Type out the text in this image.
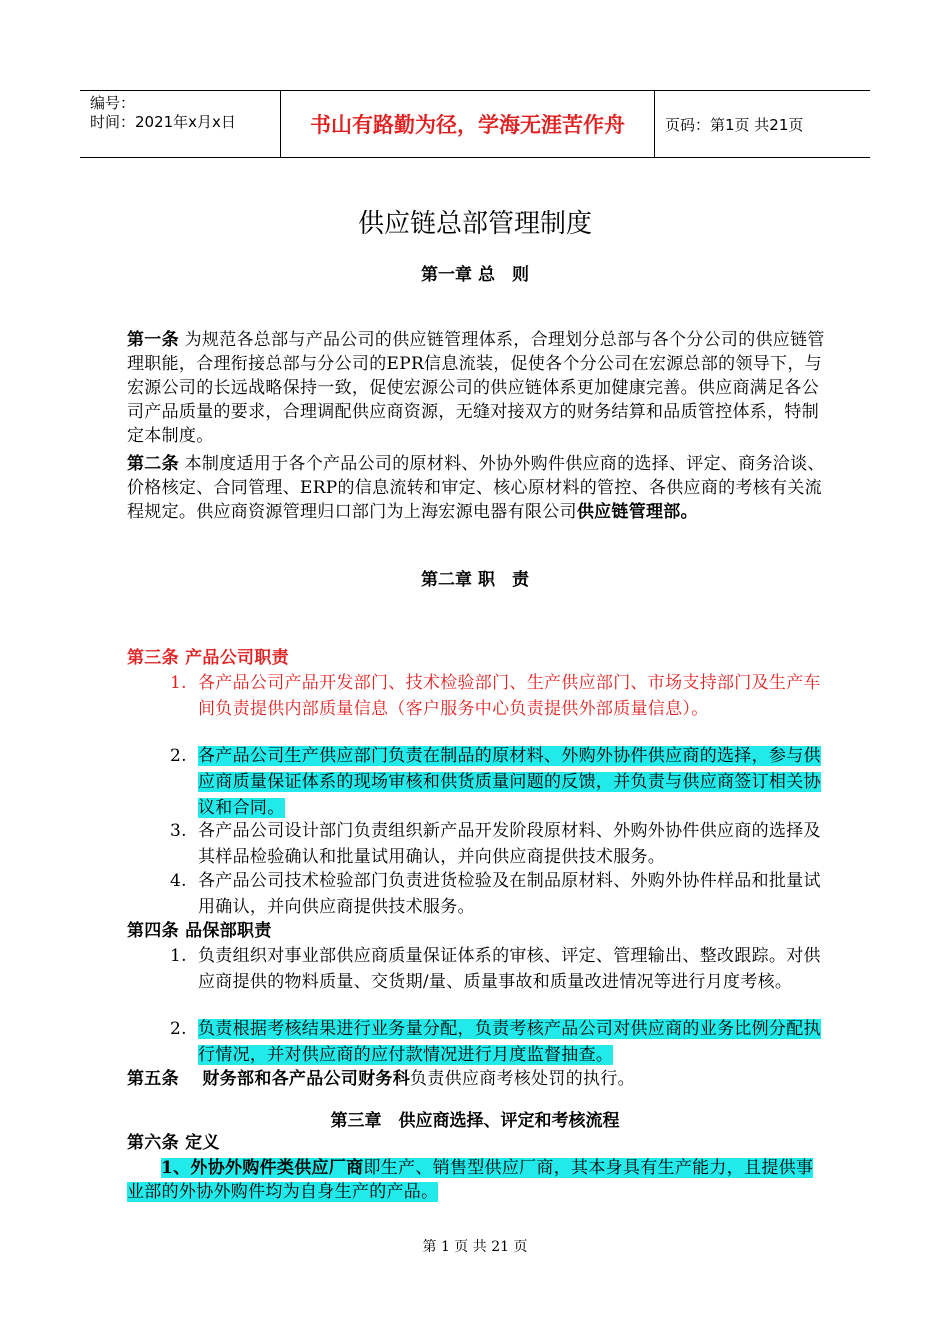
编号：
时间：2021年x月x日	书山有路勤为径，学海无涯苦作舟	页码：第1页 共21页
供应链总部管理制度
第一章 总　则
第一条 为规范各总部与产品公司的供应链管理体系，合理划分总部与各个分公司的供应链管理职能，合理衔接总部与分公司的EPR信息流装，促使各个分公司在宏源总部的领导下，与宏源公司的长远战略保持一致，促使宏源公司的供应链体系更加健康完善。供应商满足各公司产品质量的要求，合理调配供应商资源，无缝对接双方的财务结算和品质管控体系，特制定本制度。
第二条 本制度适用于各个产品公司的原材料、外协外购件供应商的选择、评定、商务洽谈、价格核定、合同管理、ERP的信息流转和审定、核心原材料的管控、各供应商的考核有关流程规定。供应商资源管理归口部门为上海宏源电器有限公司供应链管理部。
第二章 职　责
第三条 产品公司职责
1. 各产品公司产品开发部门、技术检验部门、生产供应部门、市场支持部门及生产车间负责提供内部质量信息（客户服务中心负责提供外部质量信息）。
2. 各产品公司生产供应部门负责在制品的原材料、外购外协件供应商的选择，参与供应商质量保证体系的现场审核和供货质量问题的反馈，并负责与供应商签订相关协议和合同。
3. 各产品公司设计部门负责组织新产品开发阶段原材料、外购外协件供应商的选择及其样品检验确认和批量试用确认，并向供应商提供技术服务。
4. 各产品公司技术检验部门负责进货检验及在制品原材料、外购外协件样品和批量试用确认，并向供应商提供技术服务。
第四条 品保部职责
1. 负责组织对事业部供应商质量保证体系的审核、评定、管理输出、整改跟踪。对供应商提供的物料质量、交货期/量、质量事故和质量改进情况等进行月度考核。
2. 负责根据考核结果进行业务量分配，负责考核产品公司对供应商的业务比例分配执行情况，并对供应商的应付款情况进行月度监督抽查。
第五条 　财务部和各产品公司财务科负责供应商考核处罚的执行。
第三章　供应商选择、评定和考核流程
第六条 定义
1、外协外购件类供应厂商即生产、销售型供应厂商，其本身具有生产能力，且提供事业部的外协外购件均为自身生产的产品。
第 1 页 共 21 页
